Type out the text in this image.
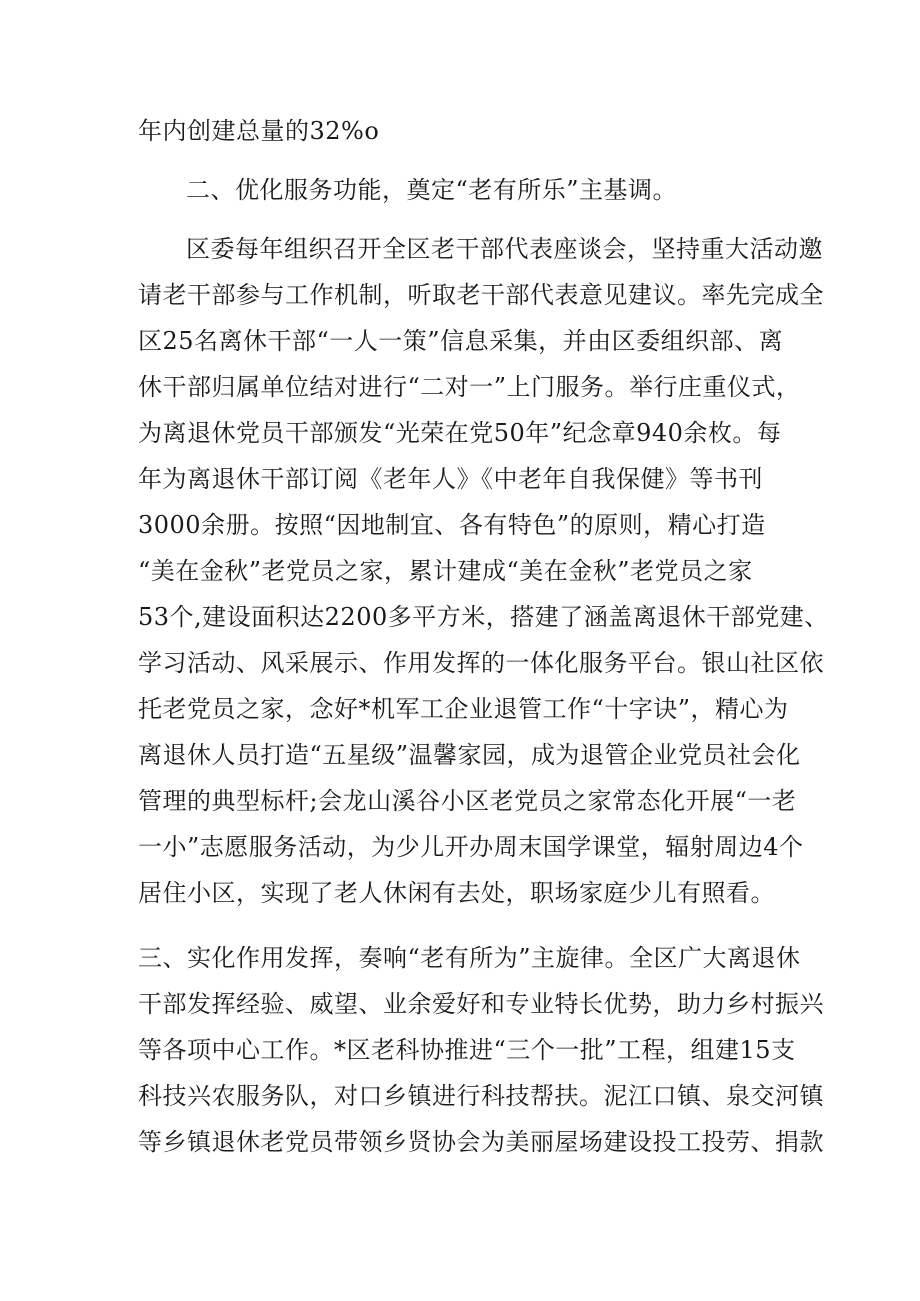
年内创建总量的32%o
二、优化服务功能，奠定“老有所乐”主基调。
区委每年组织召开全区老干部代表座谈会，坚持重大活动邀
请老干部参与工作机制，听取老干部代表意见建议。率先完成全
区25名离休干部“一人一策”信息采集，并由区委组织部、离
休干部归属单位结对进行“二对一”上门服务。举行庄重仪式，
为离退休党员干部颁发“光荣在党50年”纪念章940余枚。每
年为离退休干部订阅《老年人》《中老年自我保健》等书刊
3000余册。按照“因地制宜、各有特色”的原则，精心打造
“美在金秋”老党员之家，累计建成“美在金秋”老党员之家
53个,建设面积达2200多平方米，搭建了涵盖离退休干部党建、
学习活动、风采展示、作用发挥的一体化服务平台。银山社区依
托老党员之家，念好*机军工企业退管工作“十字诀”，精心为
离退休人员打造“五星级”温馨家园，成为退管企业党员社会化
管理的典型标杆;会龙山溪谷小区老党员之家常态化开展“一老
一小”志愿服务活动，为少儿开办周末国学课堂，辐射周边4个
居住小区，实现了老人休闲有去处，职场家庭少儿有照看。
三、实化作用发挥，奏响“老有所为”主旋律。全区广大离退休
干部发挥经验、威望、业余爱好和专业特长优势，助力乡村振兴
等各项中心工作。*区老科协推进“三个一批”工程，组建15支
科技兴农服务队，对口乡镇进行科技帮扶。泥江口镇、泉交河镇
等乡镇退休老党员带领乡贤协会为美丽屋场建设投工投劳、捐款
